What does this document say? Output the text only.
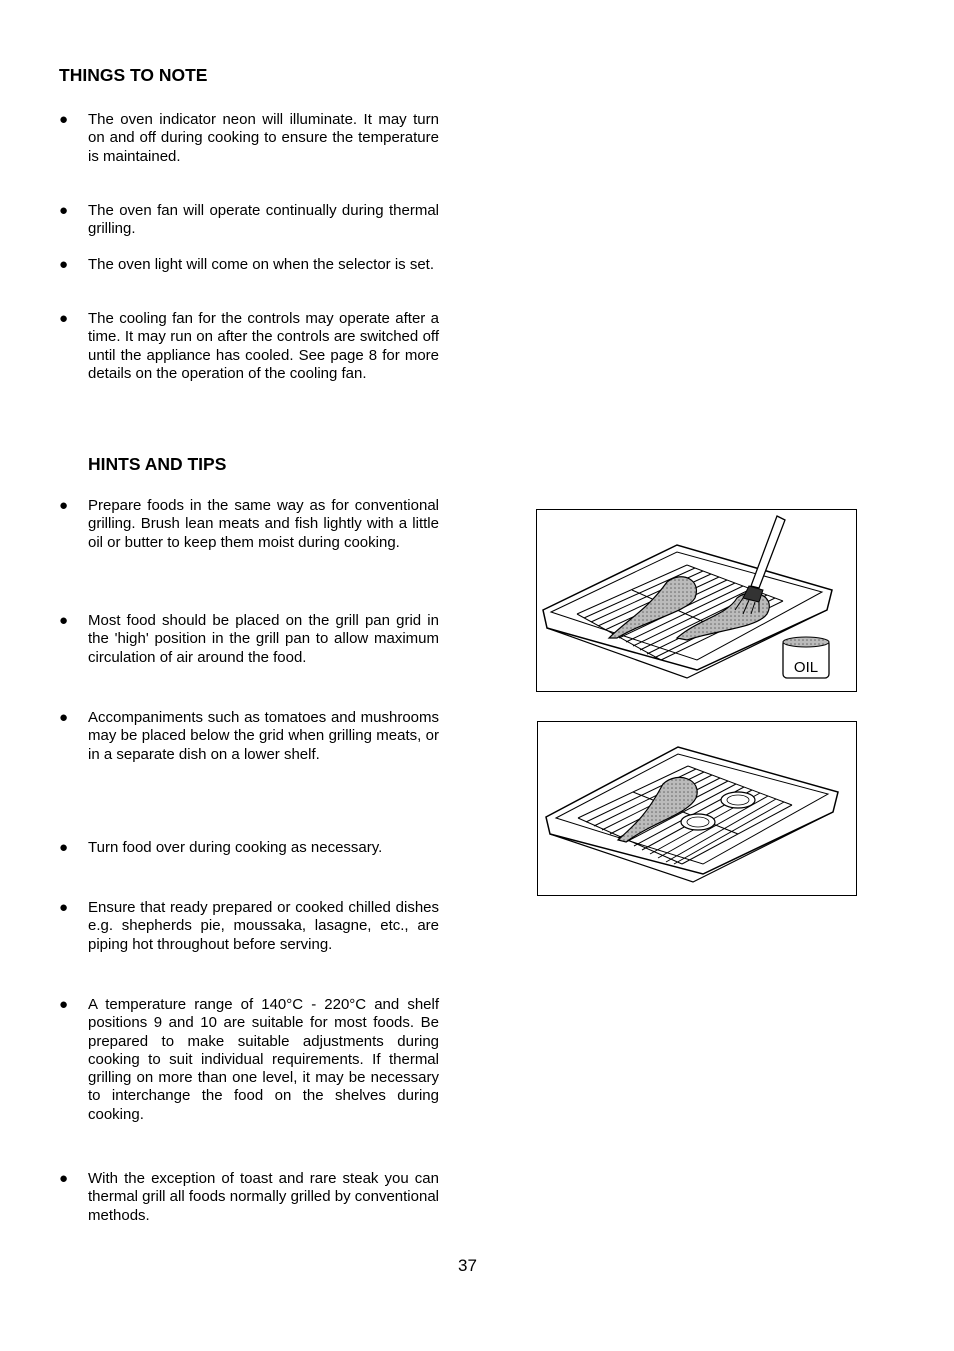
THINGS TO NOTE
● The oven indicator neon will illuminate. It may turn on and off during cooking to ensure the temperature is maintained.

● The oven fan will operate continually during thermal grilling.

● The oven light will come on when the selector is set.

● The cooling fan for the controls may operate after a time. It may run on after the controls are switched off until the appliance has cooled. See page 8 for more details on the operation of the cooling fan.

HINTS AND TIPS
● Prepare foods in the same way as for conventional grilling. Brush lean meats and fish lightly with a little oil or butter to keep them moist during cooking.

● Most food should be placed on the grill pan grid in the 'high' position in the grill pan to allow maximum circulation of air around the food.

● Accompaniments such as tomatoes and mushrooms may be placed below the grid when grilling meats, or in a separate dish on a lower shelf.

● Turn food over during cooking as necessary.

● Ensure that ready prepared or cooked chilled dishes e.g. shepherds pie, moussaka, lasagne, etc., are piping hot throughout before serving.

● A temperature range of 140°C - 220°C and shelf positions 9 and 10 are suitable for most foods. Be prepared to make suitable adjustments during cooking to suit individual requirements. If thermal grilling on more than one level, it may be necessary to interchange the food on the shelves during cooking.

● With the exception of toast and rare steak you can thermal grill all foods normally grilled by conventional methods.

OIL
37
